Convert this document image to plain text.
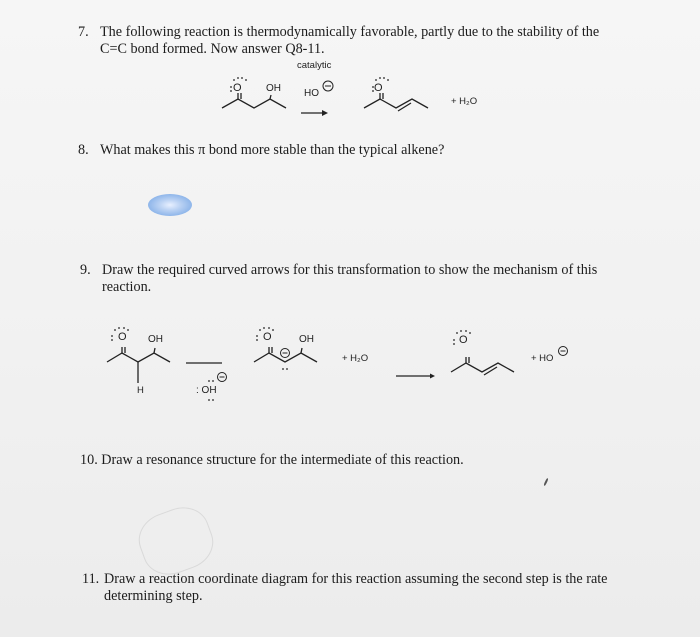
7. The following reaction is thermodynamically favorable, partly due to the stability of the
C=C bond formed. Now answer Q8-11.
catalytic
OH HO
O	O
+ H₂O
8. What makes this π bond more stable than the typical alkene?
9. Draw the required curved arrows for this transformation to show the mechanism of this
reaction.
O OH
H	: OH
O	OH
+ H₂O
O
+ HO
10. Draw a resonance structure for the intermediate of this reaction.
11. Draw a reaction coordinate diagram for this reaction assuming the second step is the rate
determining step.
